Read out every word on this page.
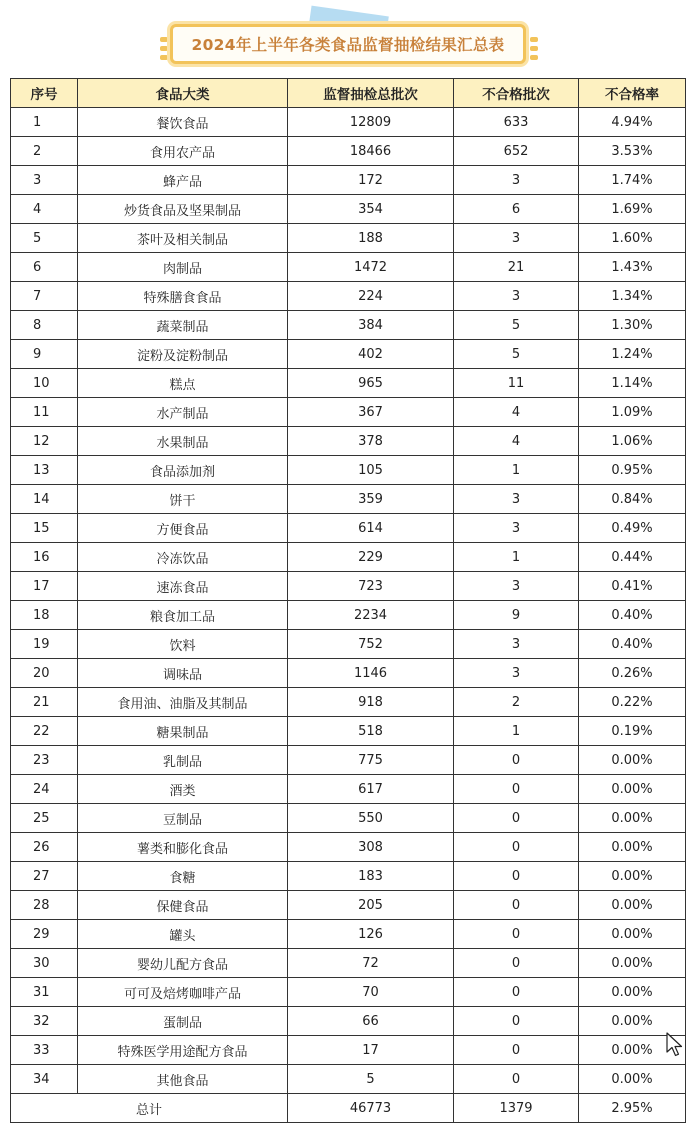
2024年上半年各类食品监督抽检结果汇总表
序号	食品大类	监督抽检总批次	不合格批次	不合格率
1	餐饮食品	12809	633	4.94%
2	食用农产品	18466	652	3.53%
3	蜂产品	172	3	1.74%
4	炒货食品及坚果制品	354	6	1.69%
5	茶叶及相关制品	188	3	1.60%
6	肉制品	1472	21	1.43%
7	特殊膳食食品	224	3	1.34%
8	蔬菜制品	384	5	1.30%
9	淀粉及淀粉制品	402	5	1.24%
10	糕点	965	11	1.14%
11	水产制品	367	4	1.09%
12	水果制品	378	4	1.06%
13	食品添加剂	105	1	0.95%
14	饼干	359	3	0.84%
15	方便食品	614	3	0.49%
16	冷冻饮品	229	1	0.44%
17	速冻食品	723	3	0.41%
18	粮食加工品	2234	9	0.40%
19	饮料	752	3	0.40%
20	调味品	1146	3	0.26%
21	食用油、油脂及其制品	918	2	0.22%
22	糖果制品	518	1	0.19%
23	乳制品	775	0	0.00%
24	酒类	617	0	0.00%
25	豆制品	550	0	0.00%
26	薯类和膨化食品	308	0	0.00%
27	食糖	183	0	0.00%
28	保健食品	205	0	0.00%
29	罐头	126	0	0.00%
30	婴幼儿配方食品	72	0	0.00%
31	可可及焙烤咖啡产品	70	0	0.00%
32	蛋制品	66	0	0.00%
33	特殊医学用途配方食品	17	0	0.00%
34	其他食品	5	0	0.00%
总计		46773	1379	2.95%
